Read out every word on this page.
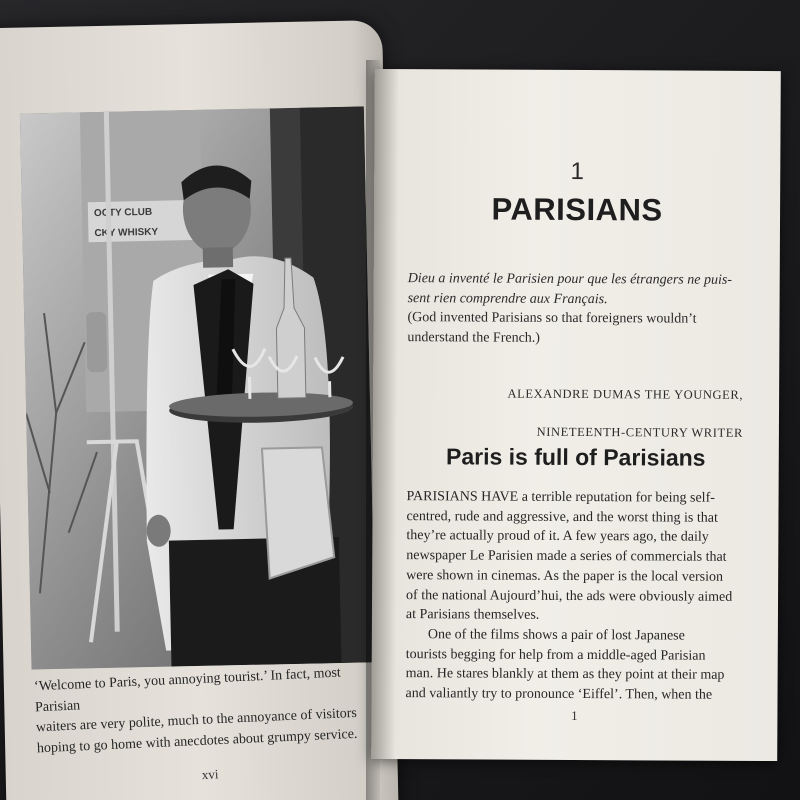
OCTY CLUB
CKY WHISKY
‘Welcome to Paris, you annoying tourist.’ In fact, most Parisian
waiters are very polite, much to the annoyance of visitors
hoping to go home with anecdotes about grumpy service.
xvi
1
PARISIANS
Dieu a inventé le Parisien pour que les étrangers ne puis-
sent rien comprendre aux Français.
(God invented Parisians so that foreigners wouldn’t
understand the French.)

ALEXANDRE DUMAS THE YOUNGER,

NINETEENTH-CENTURY WRITER

Paris is full of Parisians

PARISIANS HAVE a terrible reputation for being self-
centred, rude and aggressive, and the worst thing is that
they’re actually proud of it. A few years ago, the daily
newspaper Le Parisien made a series of commercials that
were shown in cinemas. As the paper is the local version
of the national Aujourd’hui, the ads were obviously aimed
at Parisians themselves.

One of the films shows a pair of lost Japanese
tourists begging for help from a middle-aged Parisian
man. He stares blankly at them as they point at their map
and valiantly try to pronounce ‘Eiffel’. Then, when the

1
